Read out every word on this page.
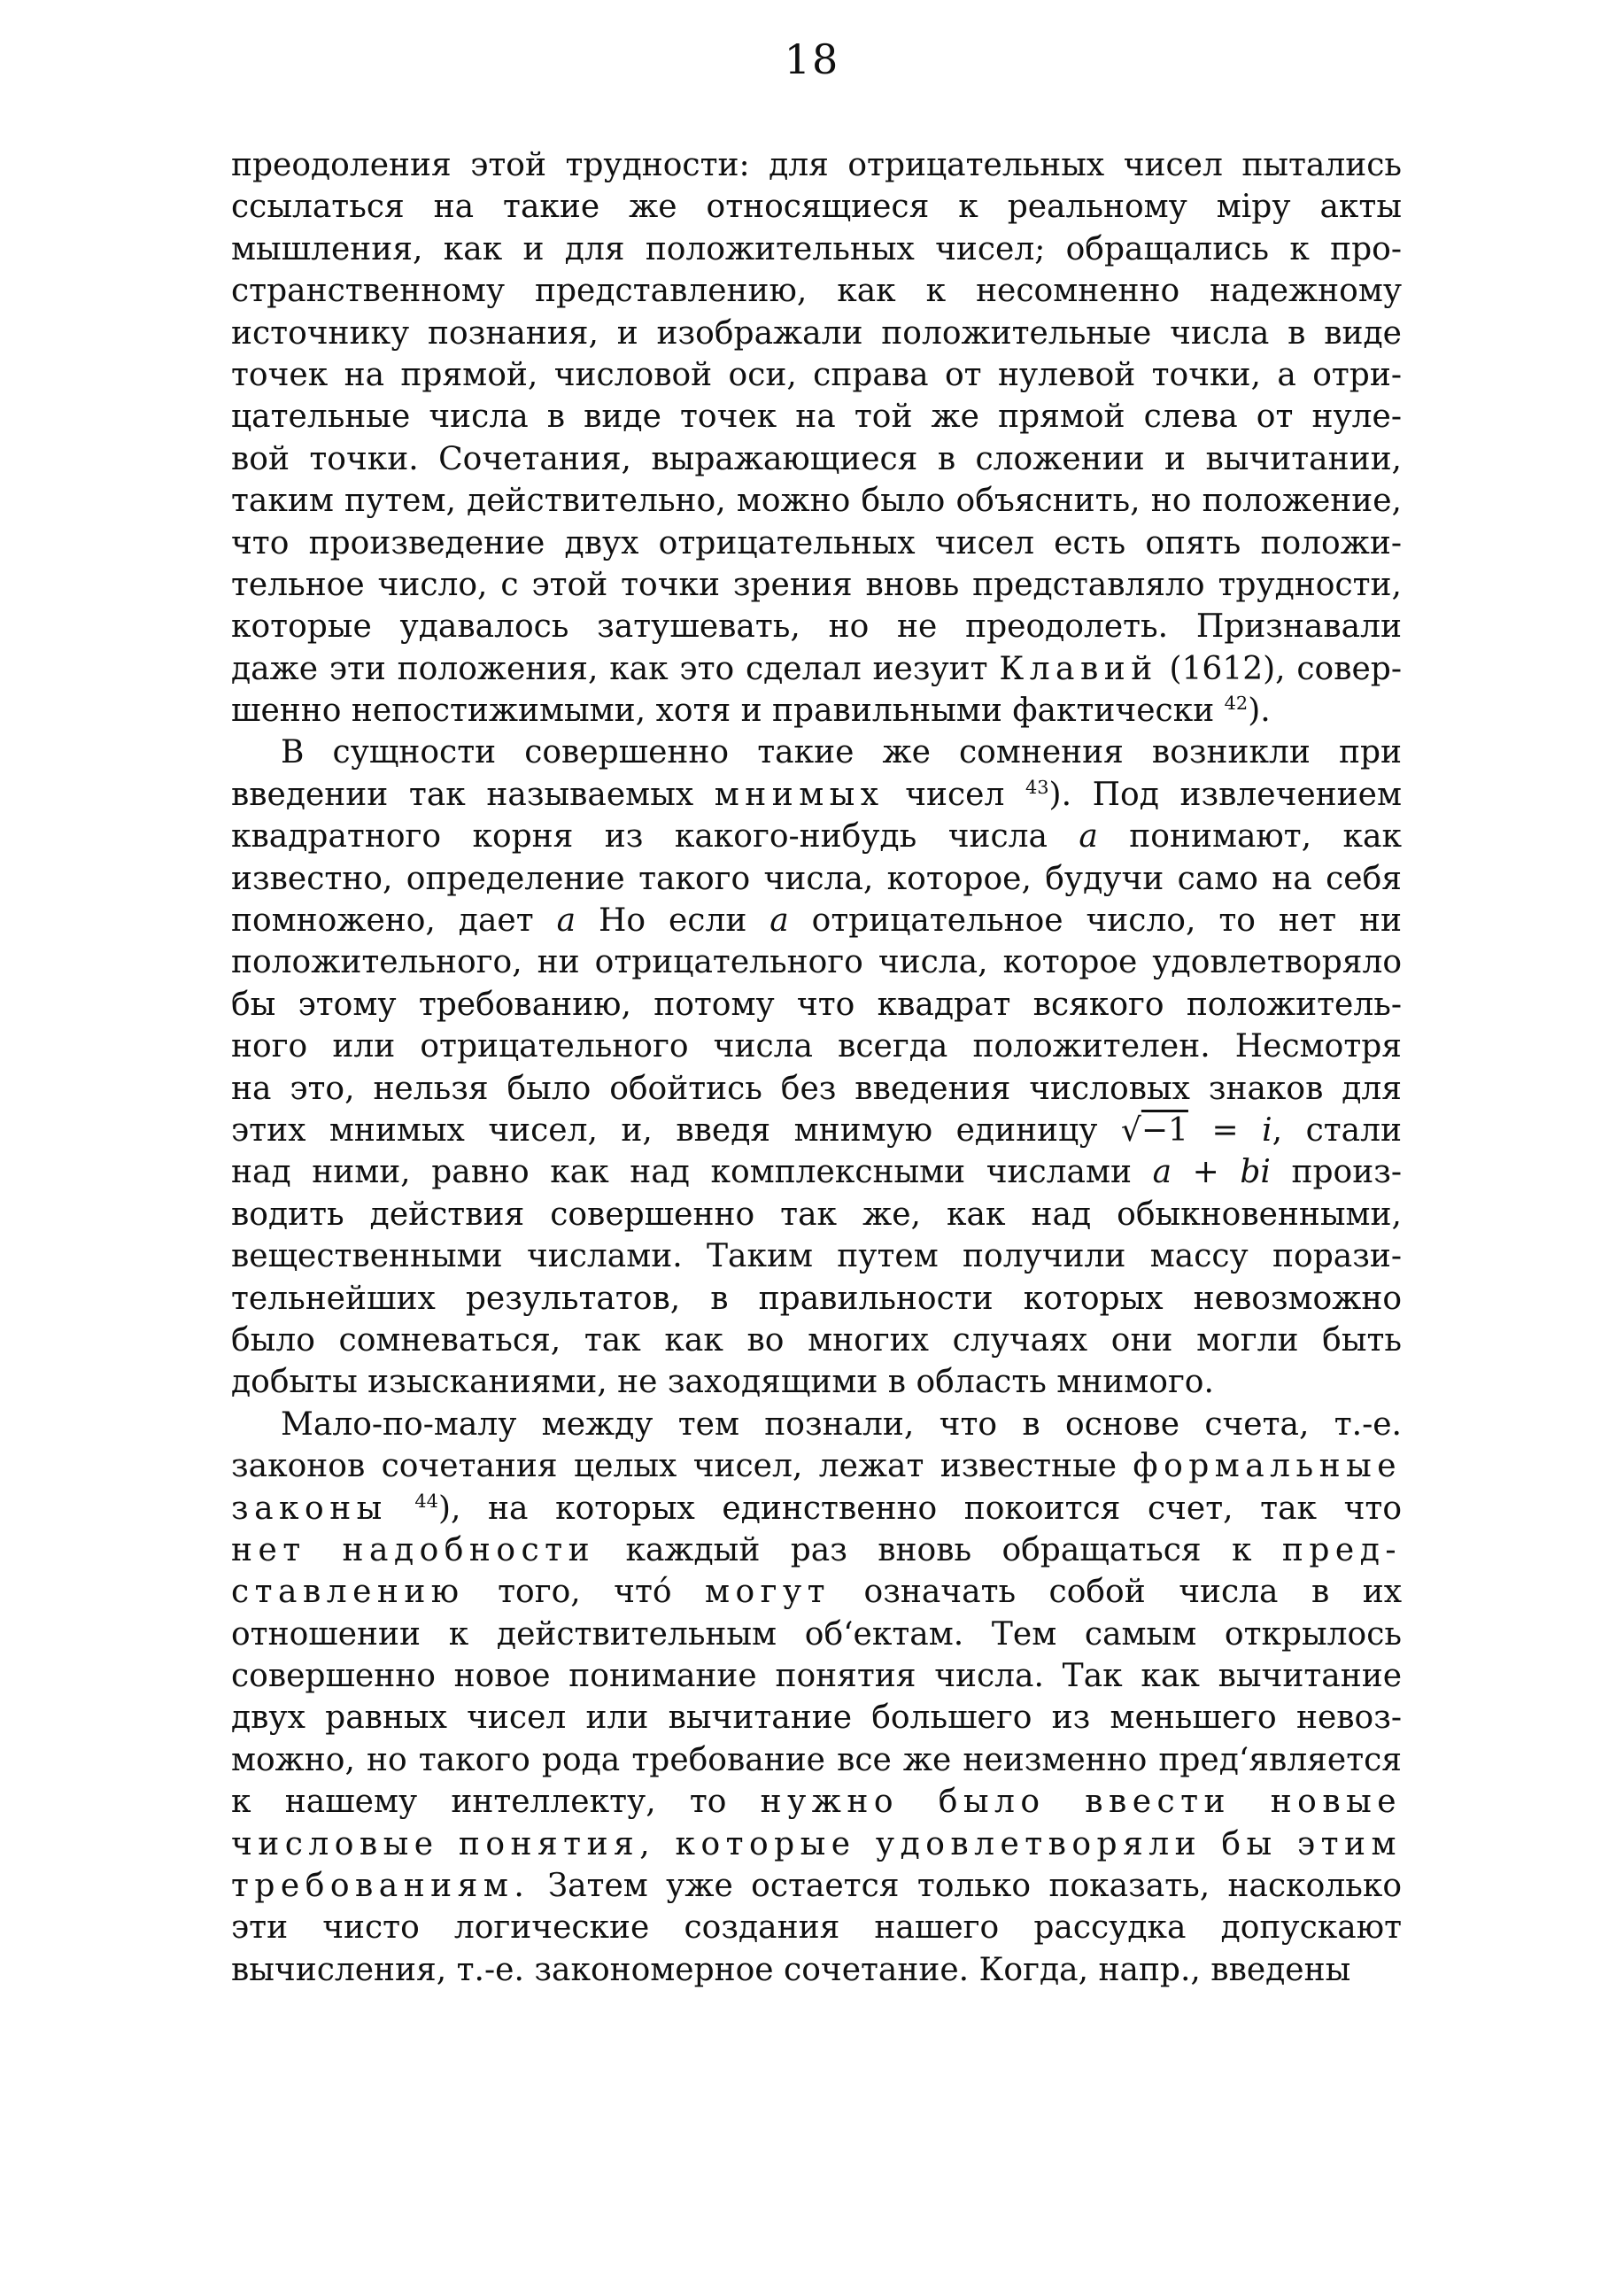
18
преодоления этой трудности: для отрицательных чисел пытались
ссылаться на такие же относящиеся к реальному мiру акты
мышления, как и для положительных чисел; обращались к про-
странственному представлению, как к несомненно надежному
источнику познания, и изображали положительные числа в виде
точек на прямой, числовой оси, справа от нулевой точки, а отри-
цательные числа в виде точек на той же прямой слева от нуле-
вой точки. Сочетания, выражающиеся в сложении и вычитании,
таким путем, действительно, можно было объяснить, но положение,
что произведение двух отрицательных чисел есть опять положи-
тельное число, с этой точки зрения вновь представляло трудности,
которые удавалось затушевать, но не преодолеть. Признавали
даже эти положения, как это сделал иезуит Клавий (1612), совер-
шенно непостижимыми, хотя и правильными фактически $^{42}$).
В сущности совершенно такие же сомнения возникли при
введении так называемых мнимых чисел $^{43}$). Под извлечением
квадратного корня из какого-нибудь числа a понимают, как
известно, определение такого числа, которое, будучи само на себя
помножено, дает a Но если a отрицательное число, то нет ни
положительного, ни отрицательного числа, которое удовлетворяло
бы этому требованию, потому что квадрат всякого положитель-
ного или отрицательного числа всегда положителен. Несмотря
на это, нельзя было обойтись без введения числовых знаков для
этих мнимых чисел, и, введя мнимую единицу √−1 = i, стали
над ними, равно как над комплексными числами a + bi произ-
водить действия совершенно так же, как над обыкновенными,
вещественными числами. Таким путем получили массу порази-
тельнейших результатов, в правильности которых невозможно
было сомневаться, так как во многих случаях они могли быть
добыты изысканиями, не заходящими в область мнимого.
Мало-по-малу между тем познали, что в основе счета, т.-е.
законов сочетания целых чисел, лежат известные формальные
законы $^{44}$), на которых единственно покоится счет, так что
нет надобности каждый раз вновь обращаться к пред-
ставлению того, что́ могут означать собой числа в их
отношении к действительным об‘ектам. Тем самым открылось
совершенно новое понимание понятия числа. Так как вычитание
двух равных чисел или вычитание большего из меньшего невоз-
можно, но такого рода требование все же неизменно пред‘является
к нашему интеллекту, то нужно было ввести новые
числовые понятия, которые удовлетворяли бы этим
требованиям. Затем уже остается только показать, насколько
эти чисто логические создания нашего рассудка допускают
вычисления, т.-е. закономерное сочетание. Когда, напр., введены
